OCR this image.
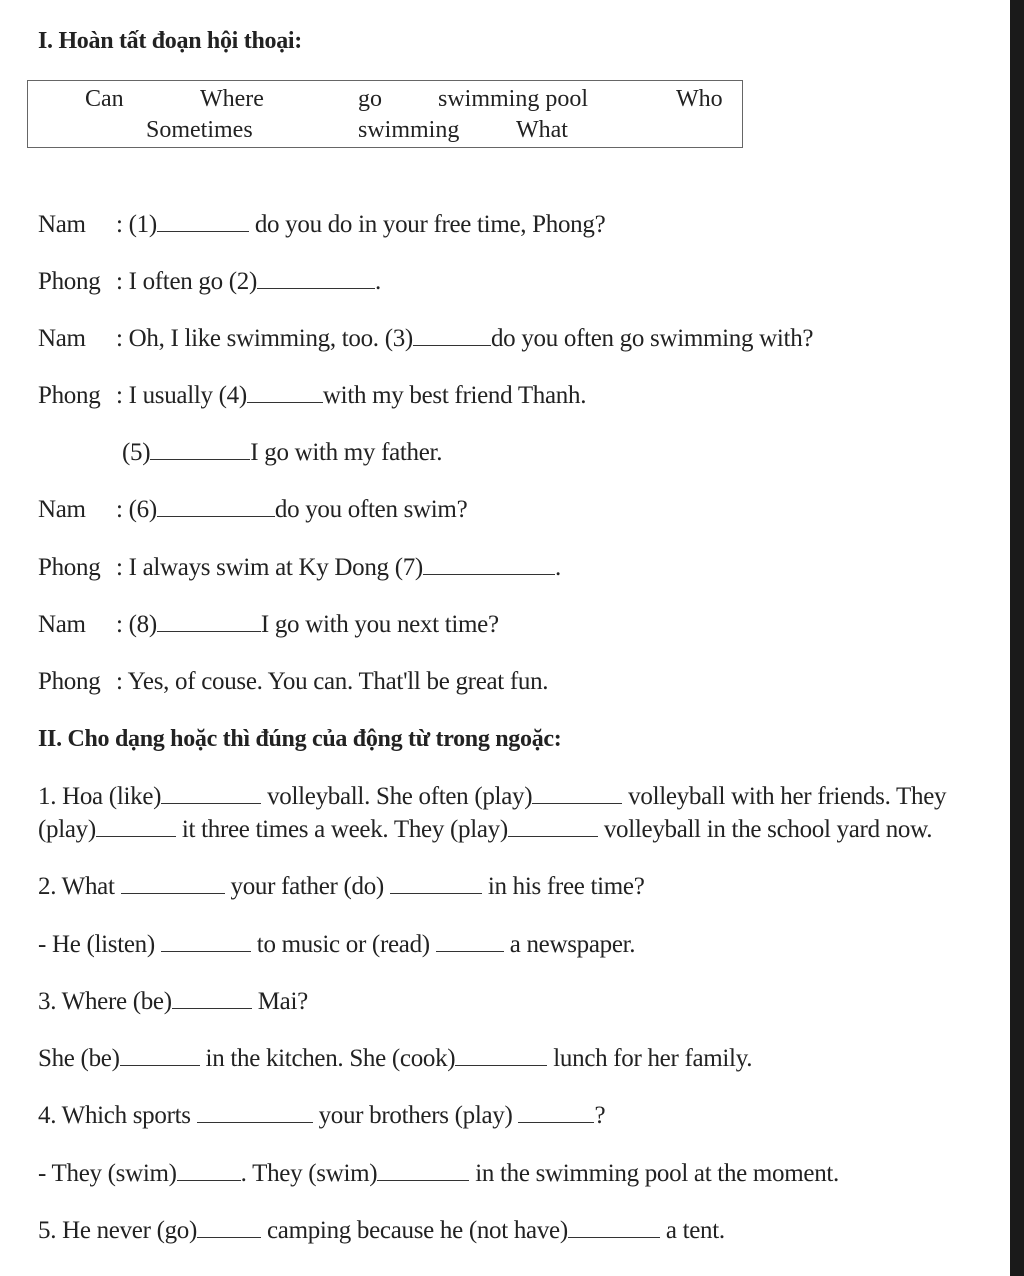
I. Hoàn tất đoạn hội thoại:
Can	Where	go swimming pool	Who
Sometimes	swimming What
Nam : (1)	do you do in your free time, Phong?
Phong : I often go (2)	.
Nam : Oh, I like swimming, too. (3)	do you often go swimming with?
Phong : I usually (4)	with my best friend Thanh.
(5)	I go with my father.
Nam : (6)	do you often swim?
Phong : I always swim at Ky Dong (7)	.
Nam : (8)	I go with you next time?
Phong : Yes, of couse. You can. That'll be great fun.
II. Cho dạng hoặc thì đúng của động từ trong ngoặc:
1. Hoa (like)	volleyball. She often (play)	volleyball with her friends. They
(play)	it three times a week. They (play)	volleyball in the school yard now.
2. What	your father (do)	in his free time?
- He (listen)	to music or (read)	a newspaper.
3. Where (be)	Mai?
She (be)	in the kitchen. She (cook)	lunch for her family.
4. Which sports	your brothers (play)	?
- They (swim)	. They (swim)	in the swimming pool at the moment.
5. He never (go)	camping because he (not have)	a tent.
